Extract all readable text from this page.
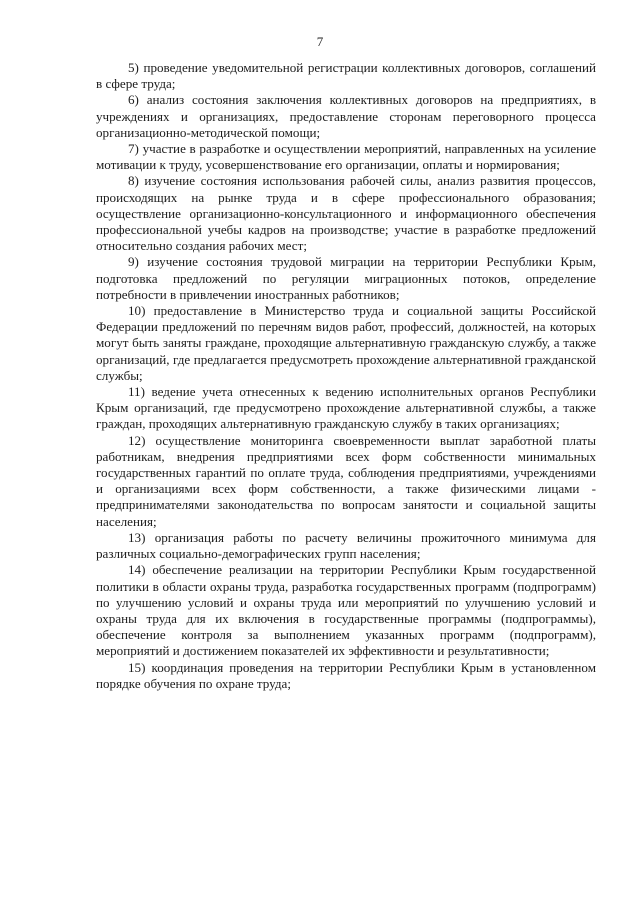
7

5) проведение уведомительной регистрации коллективных договоров, соглашений в сфере труда;

6) анализ состояния заключения коллективных договоров на предприятиях, в учреждениях и организациях, предоставление сторонам переговорного процесса организационно-методической помощи;

7) участие в разработке и осуществлении мероприятий, направленных на усиление мотивации к труду, усовершенствование его организации, оплаты и нормирования;

8) изучение состояния использования рабочей силы, анализ развития процессов, происходящих на рынке труда и в сфере профессионального образования; осуществление организационно-консультационного и информационного обеспечения профессиональной учебы кадров на производстве; участие в разработке предложений относительно создания рабочих мест;

9) изучение состояния трудовой миграции на территории Республики Крым, подготовка предложений по регуляции миграционных потоков, определение потребности в привлечении иностранных работников;

10) предоставление в Министерство труда и социальной защиты Российской Федерации предложений по перечням видов работ, профессий, должностей, на которых могут быть заняты граждане, проходящие альтернативную гражданскую службу, а также организаций, где предлагается предусмотреть прохождение альтернативной гражданской службы;

11) ведение учета отнесенных к ведению исполнительных органов Республики Крым организаций, где предусмотрено прохождение альтернативной службы, а также граждан, проходящих альтернативную гражданскую службу в таких организациях;

12) осуществление мониторинга своевременности выплат заработной платы работникам, внедрения предприятиями всех форм собственности минимальных государственных гарантий по оплате труда, соблюдения предприятиями, учреждениями и организациями всех форм собственности, а также физическими лицами - предпринимателями законодательства по вопросам занятости и социальной защиты населения;

13) организация работы по расчету величины прожиточного минимума для различных социально-демографических групп населения;

14) обеспечение реализации на территории Республики Крым государственной политики в области охраны труда, разработка государственных программ (подпрограмм) по улучшению условий и охраны труда или мероприятий по улучшению условий и охраны труда для их включения в государственные программы (подпрограммы), обеспечение контроля за выполнением указанных программ (подпрограмм), мероприятий и достижением показателей их эффективности и результативности;

15) координация проведения на территории Республики Крым в установленном порядке обучения по охране труда;
